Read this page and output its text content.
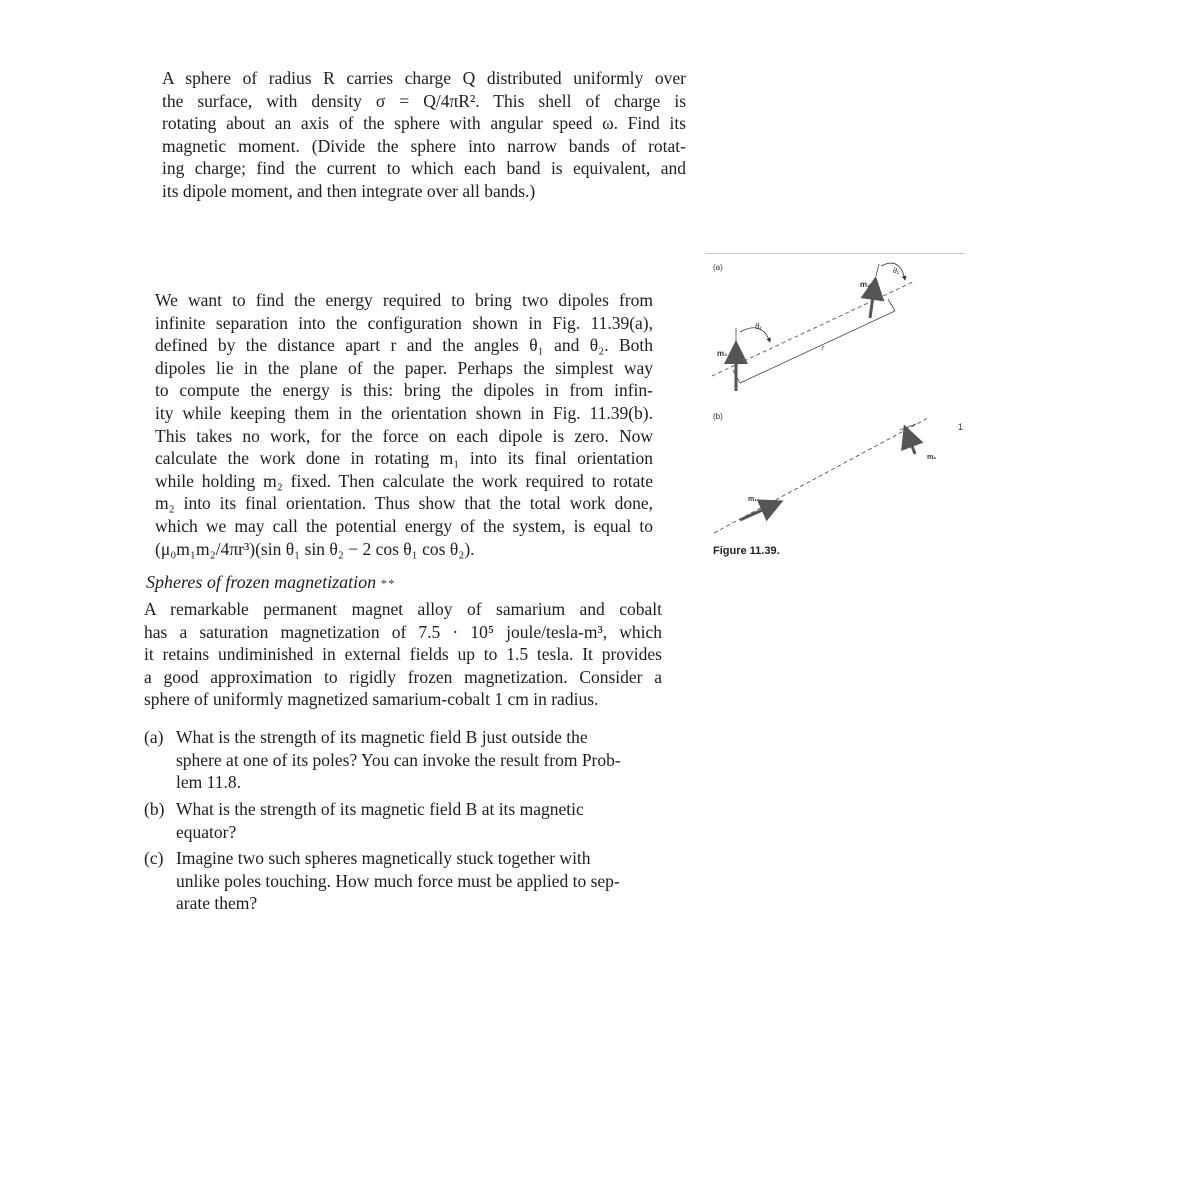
A sphere of radius R carries charge Q distributed uniformly over
the surface, with density σ = Q/4πR². This shell of charge is
rotating about an axis of the sphere with angular speed ω. Find its
magnetic moment. (Divide the sphere into narrow bands of rotat-
ing charge; find the current to which each band is equivalent, and
its dipole moment, and then integrate over all bands.)
We want to find the energy required to bring two dipoles from
infinite separation into the configuration shown in Fig. 11.39(a),
defined by the distance apart r and the angles θ₁ and θ₂. Both
dipoles lie in the plane of the paper. Perhaps the simplest way
to compute the energy is this: bring the dipoles in from infin-
ity while keeping them in the orientation shown in Fig. 11.39(b).
This takes no work, for the force on each dipole is zero. Now
calculate the work done in rotating m₁ into its final orientation
while holding m₂ fixed. Then calculate the work required to rotate
m₂ into its final orientation. Thus show that the total work done,
which we may call the potential energy of the system, is equal to
(μ₀m₁m₂/4πr³)(sin θ₁ sin θ₂ − 2 cos θ₁ cos θ₂).
(a)
r
m₁
θ₁
m₂
θ₂
(b)
m₁
m₂
1
Figure 11.39.
Spheres of frozen magnetization **
A remarkable permanent magnet alloy of samarium and cobalt
has a saturation magnetization of 7.5 · 10⁵ joule/tesla-m³, which
it retains undiminished in external fields up to 1.5 tesla. It provides
a good approximation to rigidly frozen magnetization. Consider a
sphere of uniformly magnetized samarium-cobalt 1 cm in radius.
(a) What is the strength of its magnetic field B just outside the
sphere at one of its poles? You can invoke the result from Prob-
lem 11.8.
(b) What is the strength of its magnetic field B at its magnetic
equator?
(c) Imagine two such spheres magnetically stuck together with
unlike poles touching. How much force must be applied to sep-
arate them?
